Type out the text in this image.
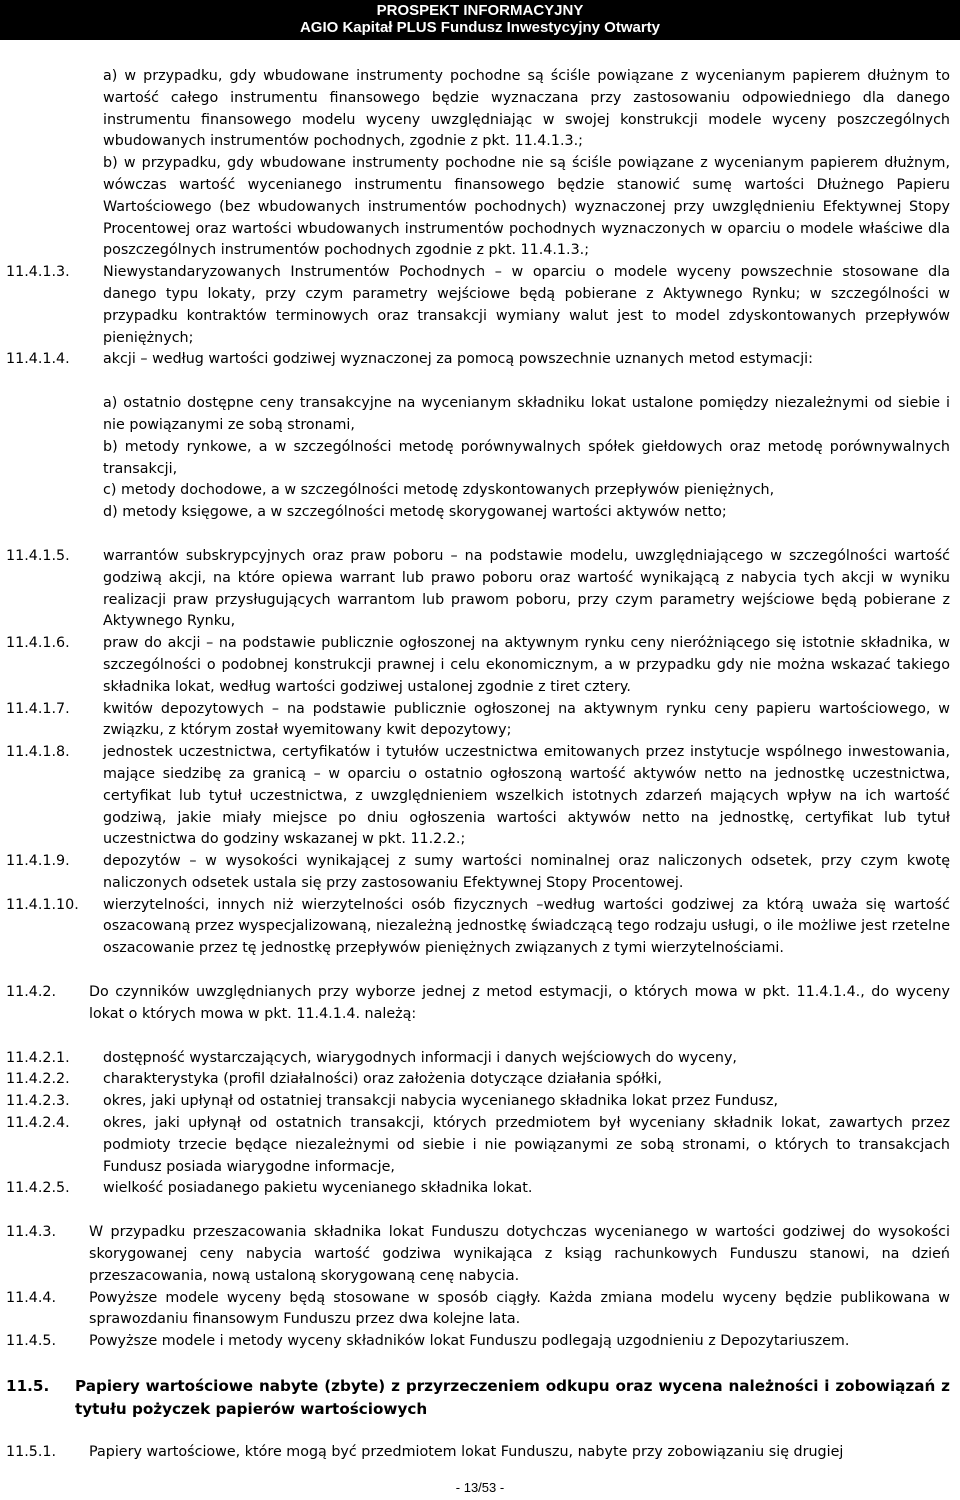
PROSPEKT INFORMACYJNY
AGIO Kapitał PLUS Fundusz Inwestycyjny Otwarty
a) w przypadku, gdy wbudowane instrumenty pochodne są ściśle powiązane z wycenianym papierem dłużnym to wartość całego instrumentu finansowego będzie wyznaczana przy zastosowaniu odpowiedniego dla danego instrumentu finansowego modelu wyceny uwzględniając w swojej konstrukcji modele wyceny poszczególnych wbudowanych instrumentów pochodnych, zgodnie z pkt. 11.4.1.3.;
b) w przypadku, gdy wbudowane instrumenty pochodne nie są ściśle powiązane z wycenianym papierem dłużnym, wówczas wartość wycenianego instrumentu finansowego będzie stanowić sumę wartości Dłużnego Papieru Wartościowego (bez wbudowanych instrumentów pochodnych) wyznaczonej przy uwzględnieniu Efektywnej Stopy Procentowej oraz wartości wbudowanych instrumentów pochodnych wyznaczonych w oparciu o modele właściwe dla poszczególnych instrumentów pochodnych zgodnie z pkt. 11.4.1.3.;
11.4.1.3. Niewystandaryzowanych Instrumentów Pochodnych – w oparciu o modele wyceny powszechnie stosowane dla danego typu lokaty, przy czym parametry wejściowe będą pobierane z Aktywnego Rynku; w szczególności w przypadku kontraktów terminowych oraz transakcji wymiany walut jest to model zdyskontowanych przepływów pieniężnych;
11.4.1.4. akcji – według wartości godziwej wyznaczonej za pomocą powszechnie uznanych metod estymacji:
a) ostatnio dostępne ceny transakcyjne na wycenianym składniku lokat ustalone pomiędzy niezależnymi od siebie i nie powiązanymi ze sobą stronami,
b) metody rynkowe, a w szczególności metodę porównywalnych spółek giełdowych oraz metodę porównywalnych transakcji,
c) metody dochodowe, a w szczególności metodę zdyskontowanych przepływów pieniężnych,
d) metody księgowe, a w szczególności metodę skorygowanej wartości aktywów netto;
11.4.1.5. warrantów subskrypcyjnych oraz praw poboru – na podstawie modelu, uwzględniającego w szczególności wartość godziwą akcji, na które opiewa warrant lub prawo poboru oraz wartość wynikającą z nabycia tych akcji w wyniku realizacji praw przysługujących warrantom lub prawom poboru, przy czym parametry wejściowe będą pobierane z Aktywnego Rynku,
11.4.1.6. praw do akcji – na podstawie publicznie ogłoszonej na aktywnym rynku ceny nieróżniącego się istotnie składnika, w szczególności o podobnej konstrukcji prawnej i celu ekonomicznym, a w przypadku gdy nie można wskazać takiego składnika lokat, według wartości godziwej ustalonej zgodnie z tiret cztery.
11.4.1.7. kwitów depozytowych – na podstawie publicznie ogłoszonej na aktywnym rynku ceny papieru wartościowego, w związku, z którym został wyemitowany kwit depozytowy;
11.4.1.8. jednostek uczestnictwa, certyfikatów i tytułów uczestnictwa emitowanych przez instytucje wspólnego inwestowania, mające siedzibę za granicą – w oparciu o ostatnio ogłoszoną wartość aktywów netto na jednostkę uczestnictwa, certyfikat lub tytuł uczestnictwa, z uwzględnieniem wszelkich istotnych zdarzeń mających wpływ na ich wartość godziwą, jakie miały miejsce po dniu ogłoszenia wartości aktywów netto na jednostkę, certyfikat lub tytuł uczestnictwa do godziny wskazanej w pkt. 11.2.2.;
11.4.1.9. depozytów – w wysokości wynikającej z sumy wartości nominalnej oraz naliczonych odsetek, przy czym kwotę naliczonych odsetek ustala się przy zastosowaniu Efektywnej Stopy Procentowej.
11.4.1.10. wierzytelności, innych niż wierzytelności osób fizycznych –według wartości godziwej za którą uważa się wartość oszacowaną przez wyspecjalizowaną, niezależną jednostkę świadczącą tego rodzaju usługi, o ile możliwe jest rzetelne oszacowanie przez tę jednostkę przepływów pieniężnych związanych z tymi wierzytelnościami.
11.4.2. Do czynników uwzględnianych przy wyborze jednej z metod estymacji, o których mowa w pkt. 11.4.1.4., do wyceny lokat o których mowa w pkt. 11.4.1.4. należą:
11.4.2.1. dostępność wystarczających, wiarygodnych informacji i danych wejściowych do wyceny,
11.4.2.2. charakterystyka (profil działalności) oraz założenia dotyczące działania spółki,
11.4.2.3. okres, jaki upłynął od ostatniej transakcji nabycia wycenianego składnika lokat przez Fundusz,
11.4.2.4. okres, jaki upłynął od ostatnich transakcji, których przedmiotem był wyceniany składnik lokat, zawartych przez podmioty trzecie będące niezależnymi od siebie i nie powiązanymi ze sobą stronami, o których to transakcjach Fundusz posiada wiarygodne informacje,
11.4.2.5. wielkość posiadanego pakietu wycenianego składnika lokat.
11.4.3. W przypadku przeszacowania składnika lokat Funduszu dotychczas wycenianego w wartości godziwej do wysokości skorygowanej ceny nabycia wartość godziwa wynikająca z ksiąg rachunkowych Funduszu stanowi, na dzień przeszacowania, nową ustaloną skorygowaną cenę nabycia.
11.4.4. Powyższe modele wyceny będą stosowane w sposób ciągły. Każda zmiana modelu wyceny będzie publikowana w sprawozdaniu finansowym Funduszu przez dwa kolejne lata.
11.4.5. Powyższe modele i metody wyceny składników lokat Funduszu podlegają uzgodnieniu z Depozytariuszem.
11.5. Papiery wartościowe nabyte (zbyte) z przyrzeczeniem odkupu oraz wycena należności i zobowiązań z tytułu pożyczek papierów wartościowych
11.5.1. Papiery wartościowe, które mogą być przedmiotem lokat Funduszu, nabyte przy zobowiązaniu się drugiej
- 13/53 -
